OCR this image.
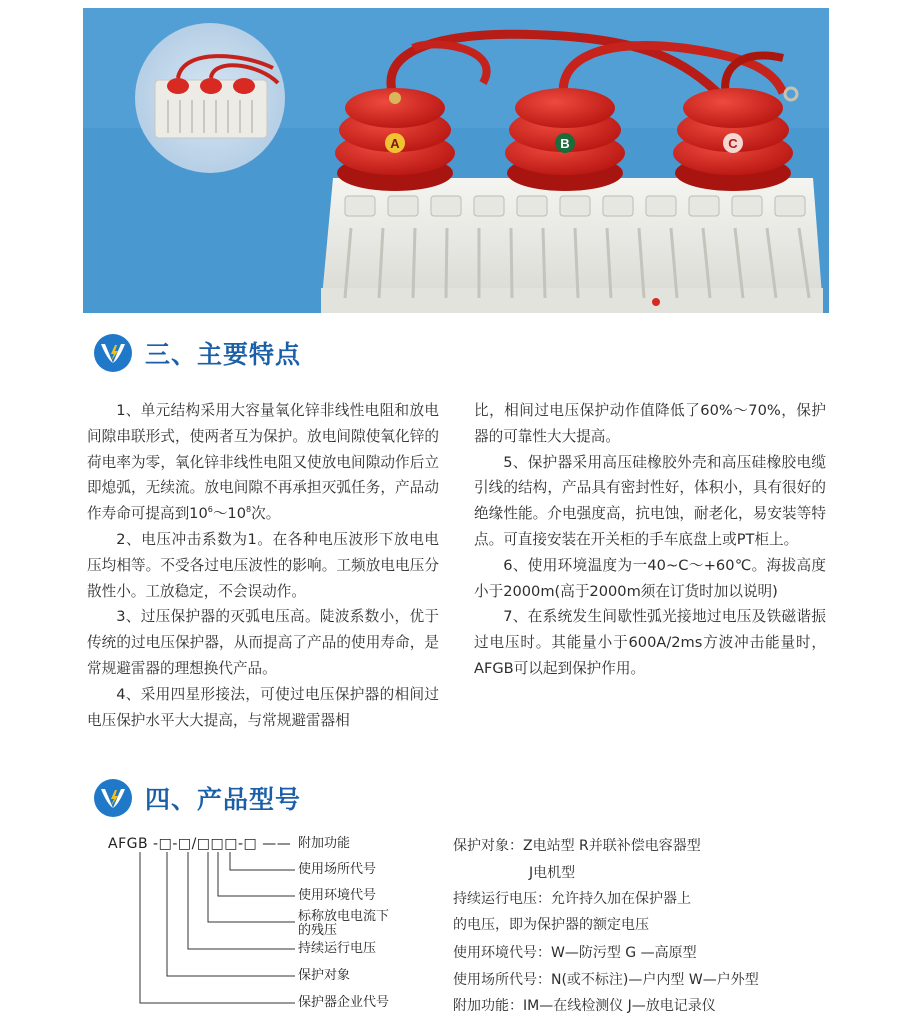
A	B	C
三、主要特点

1、单元结构采用大容量氧化锌非线性电阻和放电间隙串联形式，使两者互为保护。放电间隙使氧化锌的荷电率为零，氧化锌非线性电阻又使放电间隙动作后立即熄弧，无续流。放电间隙不再承担灭弧任务，产品动作寿命可提高到$10^6\sim 10^8$次。

2、电压冲击系数为1。在各种电压波形下放电电压均相等。不受各过电压波性的影响。工频放电电压分散性小。工放稳定，不会误动作。

3、过压保护器的灭弧电压高。陡波系数小，优于传统的过电压保护器，从而提高了产品的使用寿命，是常规避雷器的理想换代产品。

4、采用四星形接法，可使过电压保护器的相间过电压保护水平大大提高，与常规避雷器相

比，相间过电压保护动作值降低了60%～70%，保护器的可靠性大大提高。

5、保护器采用高压硅橡胶外壳和高压硅橡胶电缆引线的结构，产品具有密封性好，体积小，具有很好的绝缘性能。介电强度高，抗电蚀，耐老化，易安装等特点。可直接安装在开关柜的手车底盘上或PT柜上。

6、使用环境温度为一40~C～+60℃。海拔高度小于2000m(高于2000m须在订货时加以说明)

7、在系统发生间歇性弧光接地过电压及铁磁谐振过电压时。其能量小于600A/2ms方波冲击能量时，AFGB可以起到保护作用。

四、产品型号
AFGB -□-□/□□□-□ —— 附加功能
使用场所代号
使用环境代号
标称放电电流下
的残压
持续运行电压
保护对象
保护器企业代号
保护对象：Z电站型 R并联补偿电容器型
J电机型
持续运行电压：允许持久加在保护器上
的电压，即为保护器的额定电压
使用环境代号：W—防污型 G —高原型
使用场所代号：N(或不标注)—户内型 W—户外型
附加功能：IM—在线检测仪 J—放电记录仪
